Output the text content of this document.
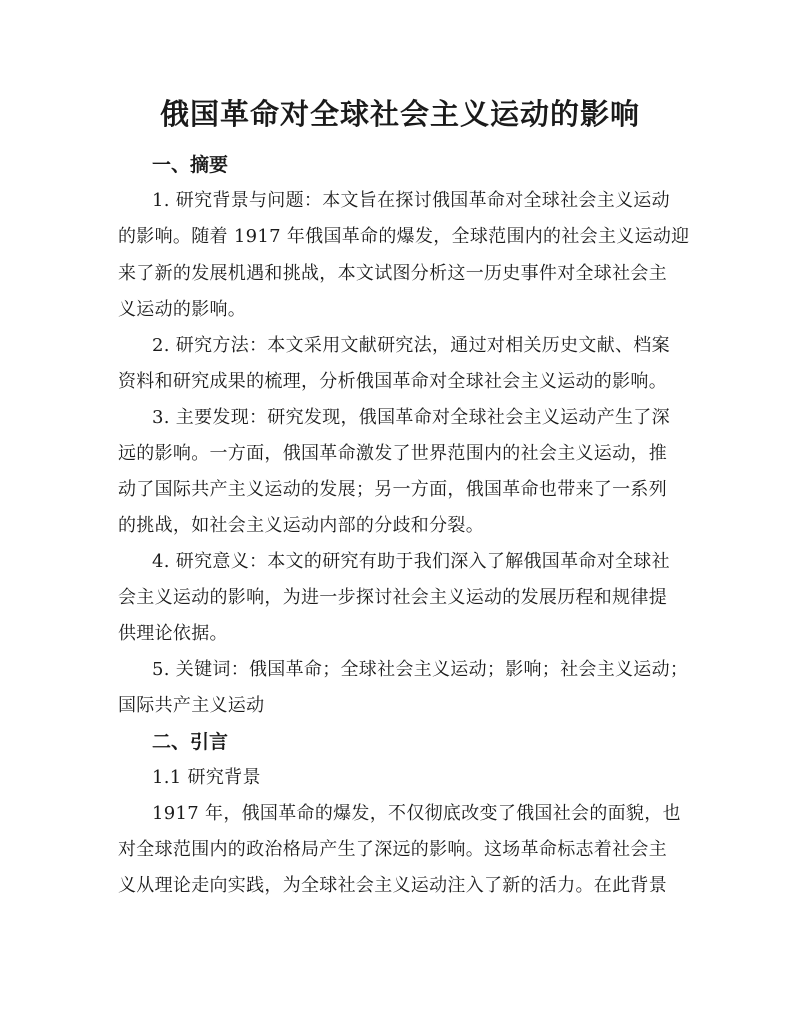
俄国革命对全球社会主义运动的影响
一、摘要
1. 研究背景与问题：本文旨在探讨俄国革命对全球社会主义运动
的影响。随着 1917 年俄国革命的爆发，全球范围内的社会主义运动迎
来了新的发展机遇和挑战，本文试图分析这一历史事件对全球社会主
义运动的影响。
2. 研究方法：本文采用文献研究法，通过对相关历史文献、档案
资料和研究成果的梳理，分析俄国革命对全球社会主义运动的影响。
3. 主要发现：研究发现，俄国革命对全球社会主义运动产生了深
远的影响。一方面，俄国革命激发了世界范围内的社会主义运动，推
动了国际共产主义运动的发展；另一方面，俄国革命也带来了一系列
的挑战，如社会主义运动内部的分歧和分裂。
4. 研究意义：本文的研究有助于我们深入了解俄国革命对全球社
会主义运动的影响，为进一步探讨社会主义运动的发展历程和规律提
供理论依据。
5. 关键词：俄国革命；全球社会主义运动；影响；社会主义运动；
国际共产主义运动
二、引言
1.1 研究背景
1917 年，俄国革命的爆发，不仅彻底改变了俄国社会的面貌，也
对全球范围内的政治格局产生了深远的影响。这场革命标志着社会主
义从理论走向实践，为全球社会主义运动注入了新的活力。在此背景
